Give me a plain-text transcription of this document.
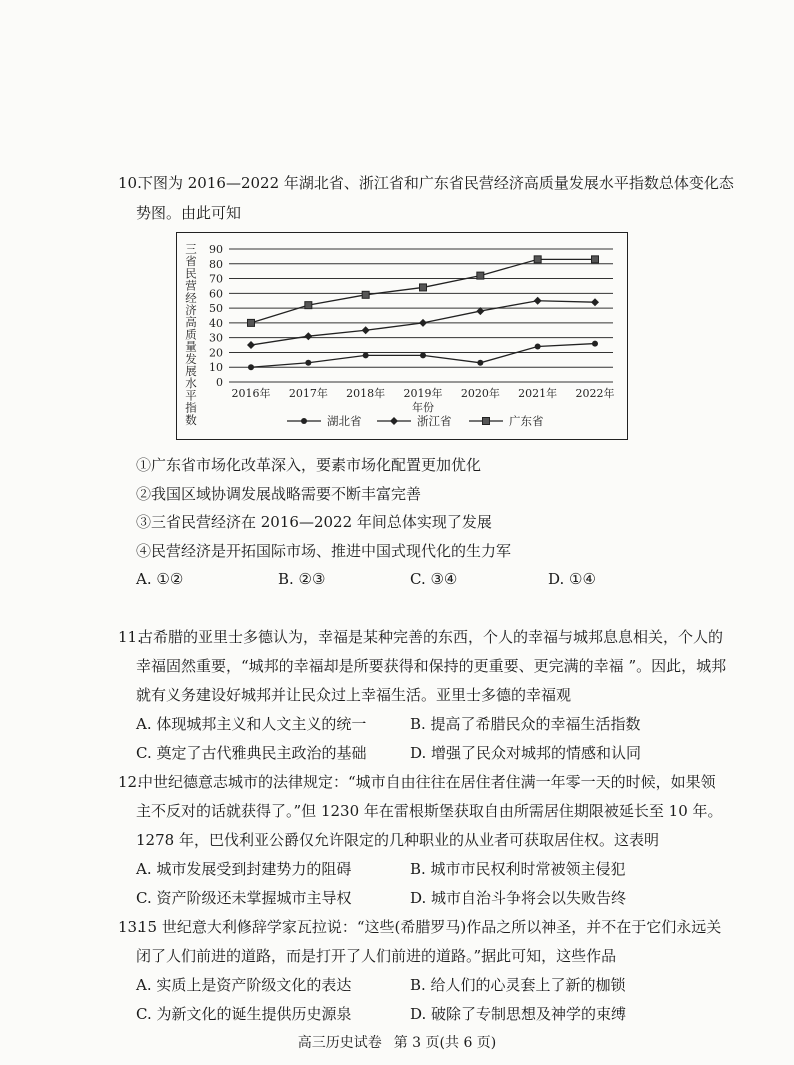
10.
下图为 2016—2022 年湖北省、浙江省和广东省民营经济高质量发展水平指数总体变化态
势图。由此可知
0
10
20
30
40
50
60
70
80
90
三
省
民
营
经
济
高
质
量
发
展
水
平
指
数
2016年 2017年 2018年 2019年 2020年 2021年 2022年
年份
湖北省	浙江省	广东省
①广东省市场化改革深入，要素市场化配置更加优化
②我国区域协调发展战略需要不断丰富完善
③三省民营经济在 2016—2022 年间总体实现了发展
④民营经济是开拓国际市场、推进中国式现代化的生力军
A. ①②	B. ②③	C. ③④	D. ①④
11.
古希腊的亚里士多德认为，幸福是某种完善的东西，个人的幸福与城邦息息相关，个人的
幸福固然重要，“城邦的幸福却是所要获得和保持的更重要、更完满的幸福 ”。因此，城邦
就有义务建设好城邦并让民众过上幸福生活。亚里士多德的幸福观
A. 体现城邦主义和人文主义的统一	B. 提高了希腊民众的幸福生活指数
C. 奠定了古代雅典民主政治的基础	D. 增强了民众对城邦的情感和认同
12.
中世纪德意志城市的法律规定：“城市自由往往在居住者住满一年零一天的时候，如果领
主不反对的话就获得了。”但 1230 年在雷根斯堡获取自由所需居住期限被延长至 10 年。
1278 年，巴伐利亚公爵仅允许限定的几种职业的从业者可获取居住权。这表明
A. 城市发展受到封建势力的阻碍	B. 城市市民权利时常被领主侵犯
C. 资产阶级还未掌握城市主导权	D. 城市自治斗争将会以失败告终
13.
15 世纪意大利修辞学家瓦拉说：“这些(希腊罗马)作品之所以神圣，并不在于它们永远关
闭了人们前进的道路，而是打开了人们前进的道路。”据此可知，这些作品
A. 实质上是资产阶级文化的表达	B. 给人们的心灵套上了新的枷锁
C. 为新文化的诞生提供历史源泉	D. 破除了专制思想及神学的束缚
高三历史试卷 第 3 页(共 6 页)
